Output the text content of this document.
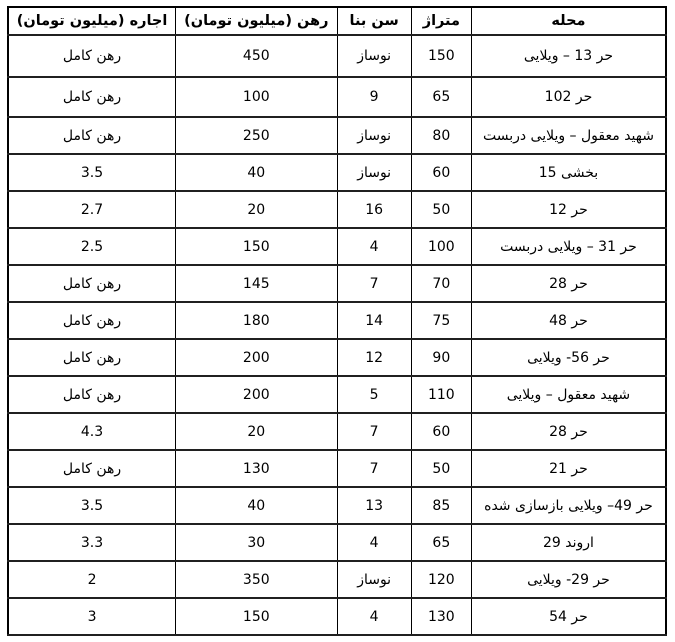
محله	متراژ	سن بنا	رهن (میلیون تومان)	اجاره (میلیون تومان)
حر 13 – ویلایی	150	نوساز	450	رهن کامل
حر 102	65	9	100	رهن کامل
شهید معقول – ویلایی دربست	80	نوساز	250	رهن کامل
بخشی 15	60	نوساز	40	3.5
حر 12	50	16	20	2.7
حر 31 – ویلایی دربست	100	4	150	2.5
حر 28	70	7	145	رهن کامل
حر 48	75	14	180	رهن کامل
حر 56- ویلایی	90	12	200	رهن کامل
شهید معقول – ویلایی	110	5	200	رهن کامل
حر 28	60	7	20	4.3
حر 21	50	7	130	رهن کامل
حر 49– ویلایی بازسازی شده	85	13	40	3.5
اروند 29	65	4	30	3.3
حر 29- ویلایی	120	نوساز	350	2
حر 54	130	4	150	3
